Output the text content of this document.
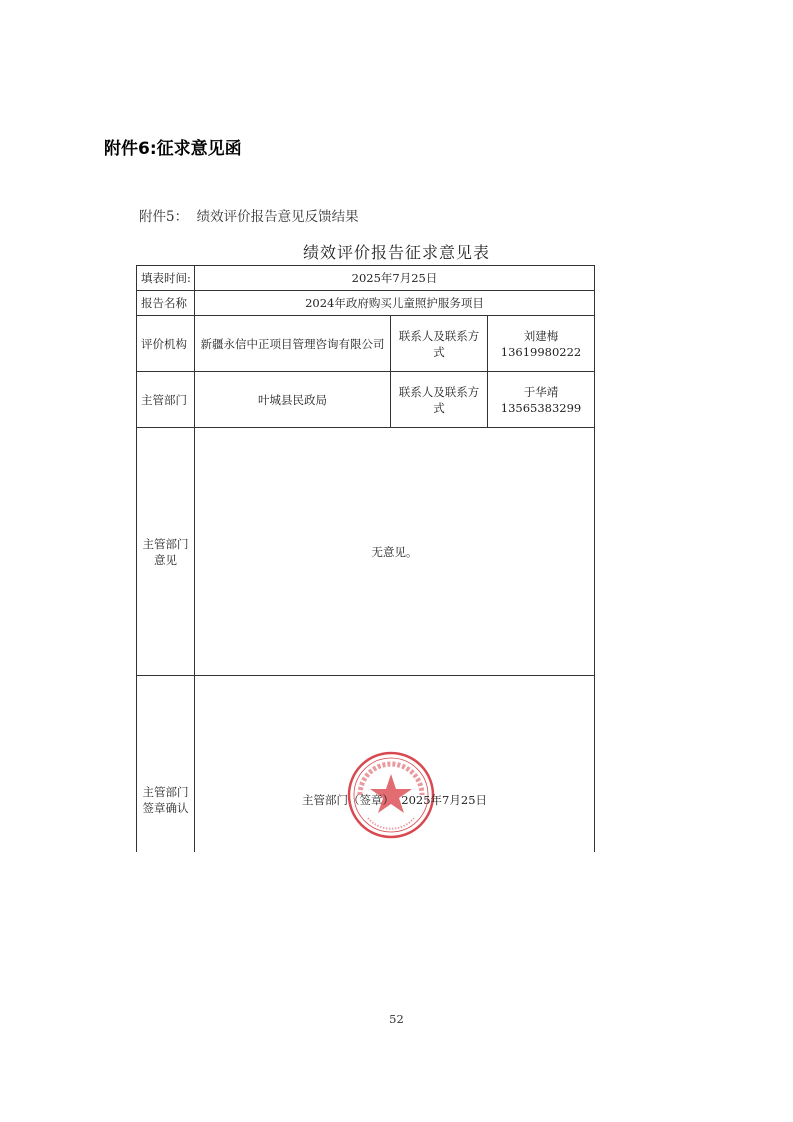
附件6:征求意见函
附件5：  绩效评价报告意见反馈结果
绩效评价报告征求意见表
填表时间:	2025年7月25日		
报告名称	2024年政府购买儿童照护服务项目		
评价机构	新疆永信中正项目管理咨询有限公司	联系人及联系方式	刘建梅
13619980222

主管部门	叶城县民政局	联系人及联系方式	于华靖13565383299

主管部门
意见	无意见。		

主管部门
签章确认	主管部门（签章）  2025年7月25日		
52
